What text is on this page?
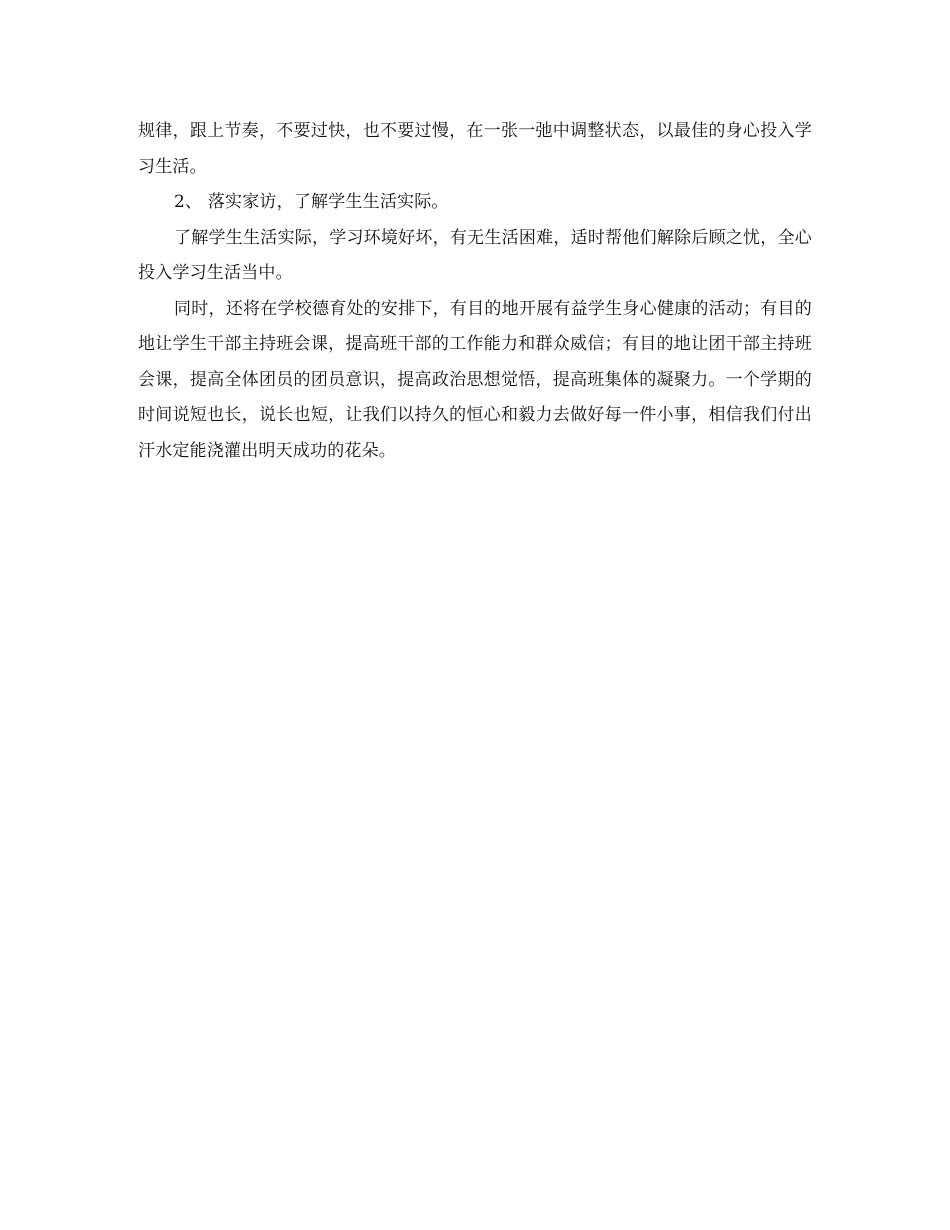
规律，跟上节奏，不要过快，也不要过慢，在一张一弛中调整状态，以最佳的身心投入学习生活。

2、 落实家访，了解学生生活实际。

了解学生生活实际，学习环境好坏，有无生活困难，适时帮他们解除后顾之忧，全心投入学习生活当中。

同时，还将在学校德育处的安排下，有目的地开展有益学生身心健康的活动；有目的地让学生干部主持班会课，提高班干部的工作能力和群众威信；有目的地让团干部主持班会课，提高全体团员的团员意识，提高政治思想觉悟，提高班集体的凝聚力。一个学期的时间说短也长，说长也短，让我们以持久的恒心和毅力去做好每一件小事，相信我们付出汗水定能浇灌出明天成功的花朵。
